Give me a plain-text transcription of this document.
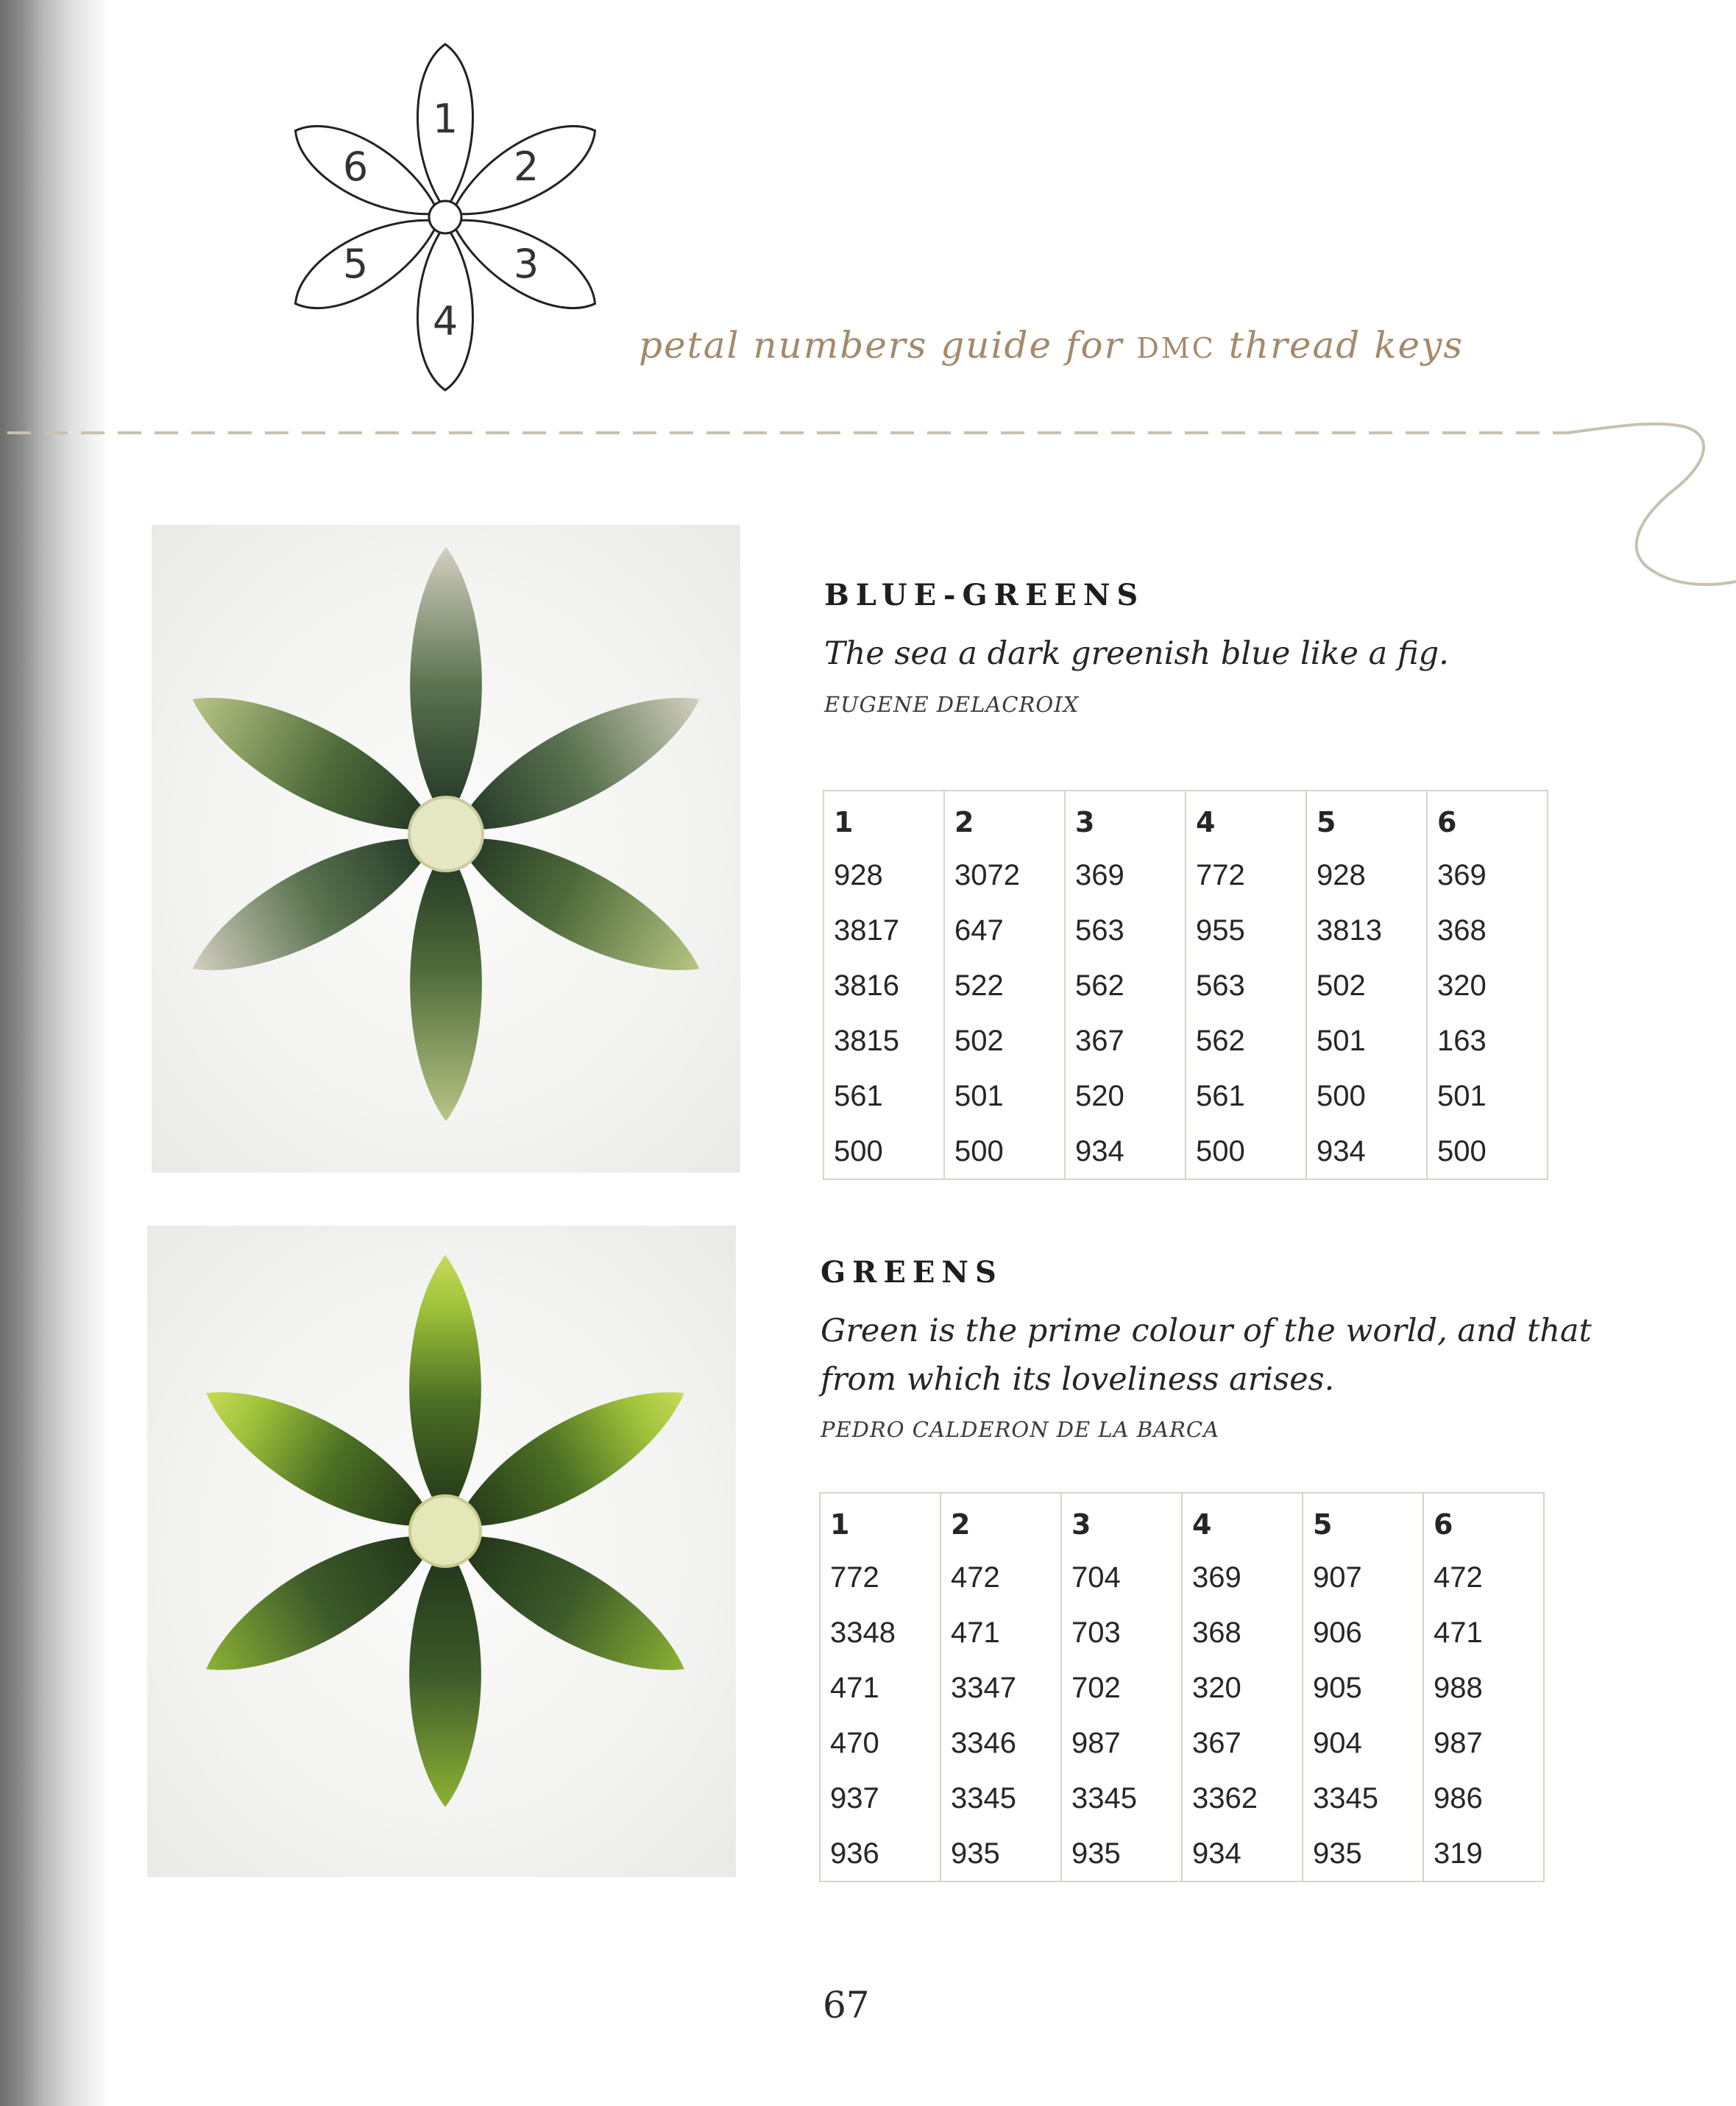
1
2
3
4
5
6

petal numbers guide for DMC thread keys

BLUE-GREENS

The sea a dark greenish blue like a fig.

EUGENE DELACROIX

1	2	3	4	5	6
928	3072	369	772	928	369
3817	647	563	955	3813	368
3816	522	562	563	502	320
3815	502	367	562	501	163
561	501	520	561	500	501
500	500	934	500	934	500
GREENS

Green is the prime colour of the world, and that from which its loveliness arises.

PEDRO CALDERON DE LA BARCA

1	2	3	4	5	6
772	472	704	369	907	472
3348	471	703	368	906	471
471	3347	702	320	905	988
470	3346	987	367	904	987
937	3345	3345	3362	3345	986
936	935	935	934	935	319

67
